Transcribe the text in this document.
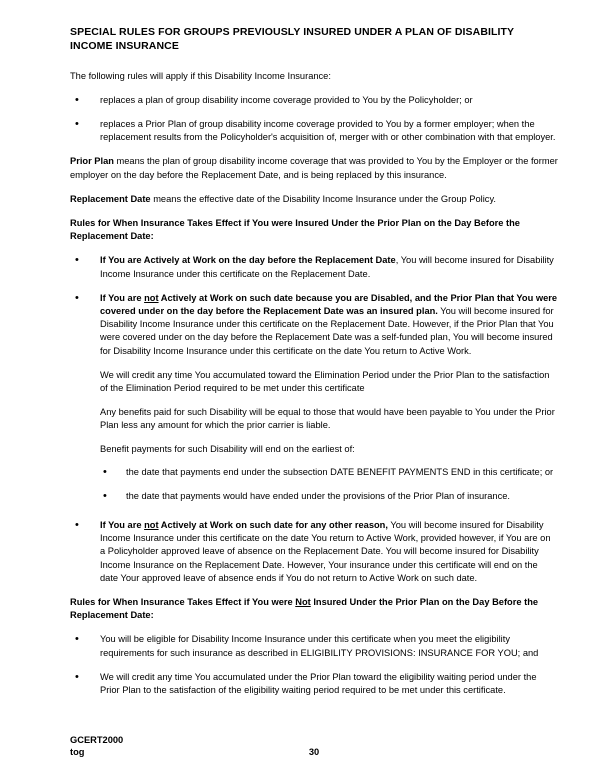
SPECIAL RULES FOR GROUPS PREVIOUSLY INSURED UNDER A PLAN OF DISABILITY INCOME INSURANCE

The following rules will apply if this Disability Income Insurance:

• replaces a plan of group disability income coverage provided to You by the Policyholder; or
• replaces a Prior Plan of group disability income coverage provided to You by a former employer; when the replacement results from the Policyholder's acquisition of, merger with or other combination with that employer.

Prior Plan means the plan of group disability income coverage that was provided to You by the Employer or the former employer on the day before the Replacement Date, and is being replaced by this insurance.

Replacement Date means the effective date of the Disability Income Insurance under the Group Policy.

Rules for When Insurance Takes Effect if You were Insured Under the Prior Plan on the Day Before the Replacement Date:

• If You are Actively at Work on the day before the Replacement Date, You will become insured for Disability Income Insurance under this certificate on the Replacement Date.
• If You are not Actively at Work on such date because you are Disabled, and the Prior Plan that You were covered under on the day before the Replacement Date was an insured plan. You will become insured for Disability Income Insurance under this certificate on the Replacement Date. However, if the Prior Plan that You were covered under on the day before the Replacement Date was a self-funded plan, You will become insured for Disability Income Insurance under this certificate on the date You return to Active Work.

We will credit any time You accumulated toward the Elimination Period under the Prior Plan to the satisfaction of the Elimination Period required to be met under this certificate

Any benefits paid for such Disability will be equal to those that would have been payable to You under the Prior Plan less any amount for which the prior carrier is liable.

Benefit payments for such Disability will end on the earliest of:

• the date that payments end under the subsection DATE BENEFIT PAYMENTS END in this certificate; or
• the date that payments would have ended under the provisions of the Prior Plan of insurance.
• If You are not Actively at Work on such date for any other reason, You will become insured for Disability Income Insurance under this certificate on the date You return to Active Work, provided however, if You are on a Policyholder approved leave of absence on the Replacement Date. You will become insured for Disability Income Insurance on the Replacement Date. However, Your insurance under this certificate will end on the date Your approved leave of absence ends if You do not return to Active Work on such date.

Rules for When Insurance Takes Effect if You were Not Insured Under the Prior Plan on the Day Before the Replacement Date:

• You will be eligible for Disability Income Insurance under this certificate when you meet the eligibility requirements for such insurance as described in ELIGIBILITY PROVISIONS: INSURANCE FOR YOU; and
• We will credit any time You accumulated under the Prior Plan toward the eligibility waiting period under the Prior Plan to the satisfaction of the eligibility waiting period required to be met under this certificate.
GCERT2000
tog	30
